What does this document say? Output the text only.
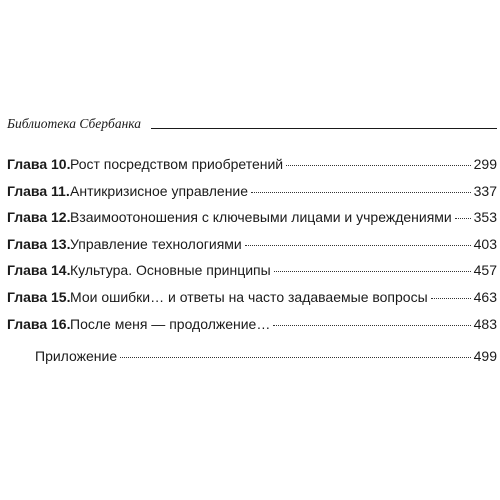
Библиотека Сбербанка
Глава 10. Рост посредством приобретений	299
Глава 11. Антикризисное управление	337
Глава 12. Взаимоотоношения с ключевыми лицами и учреждениями 353
Глава 13. Управление технологиями	403
Глава 14. Культура. Основные принципы	457
Глава 15. Мои ошибки… и ответы на часто задаваемые вопросы	463
Глава 16. После меня — продолжение…	483
Приложение	499
